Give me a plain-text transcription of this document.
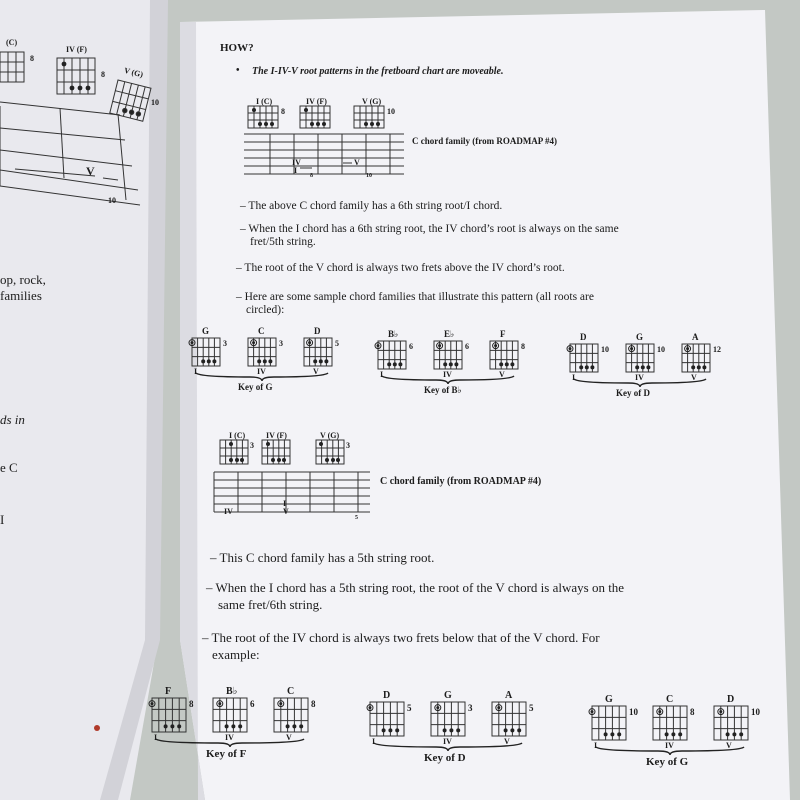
(C)
IV (F)
V (G)
8
8
10
10
V
op, rock,
families
ds in
e C
I
HOW?
• The I-IV-V root patterns in the fretboard chart are moveable.
I (C)
8
IV (F)	V (G)
10
IV
I
V
8	10
C chord family (from ROADMAP #4)
– The above C chord family has a 6th string root/I chord.
– When the I chord has a 6th string root, the IV chord’s root is always on the same
fret/5th string.
– The root of the V chord is always two frets above the IV chord’s root.
– Here are some sample chord families that illustrate this pattern (all roots are
circled):
G
3
I
C
3
IV
D
5
V
Key of G
B♭
6
I
E♭
6
IV
F
8
V
Key of B♭
D
10
I
G
10
IV
A
12
V
Key of D
I (C)
3
IV (F)	V (G)
3
IV
I
V
5
C chord family (from ROADMAP #4)
– This C chord family has a 5th string root.
– When the I chord has a 5th string root, the root of the V chord is always on the
same fret/6th string.
– The root of the IV chord is always two frets below that of the V chord. For
example:
F
8
I
B♭
6
IV
C
8
V
Key of F
D
5
I
G
3
IV
A
5
V
Key of D
G
10
I
C
8
IV
D
10
V
Key of G
